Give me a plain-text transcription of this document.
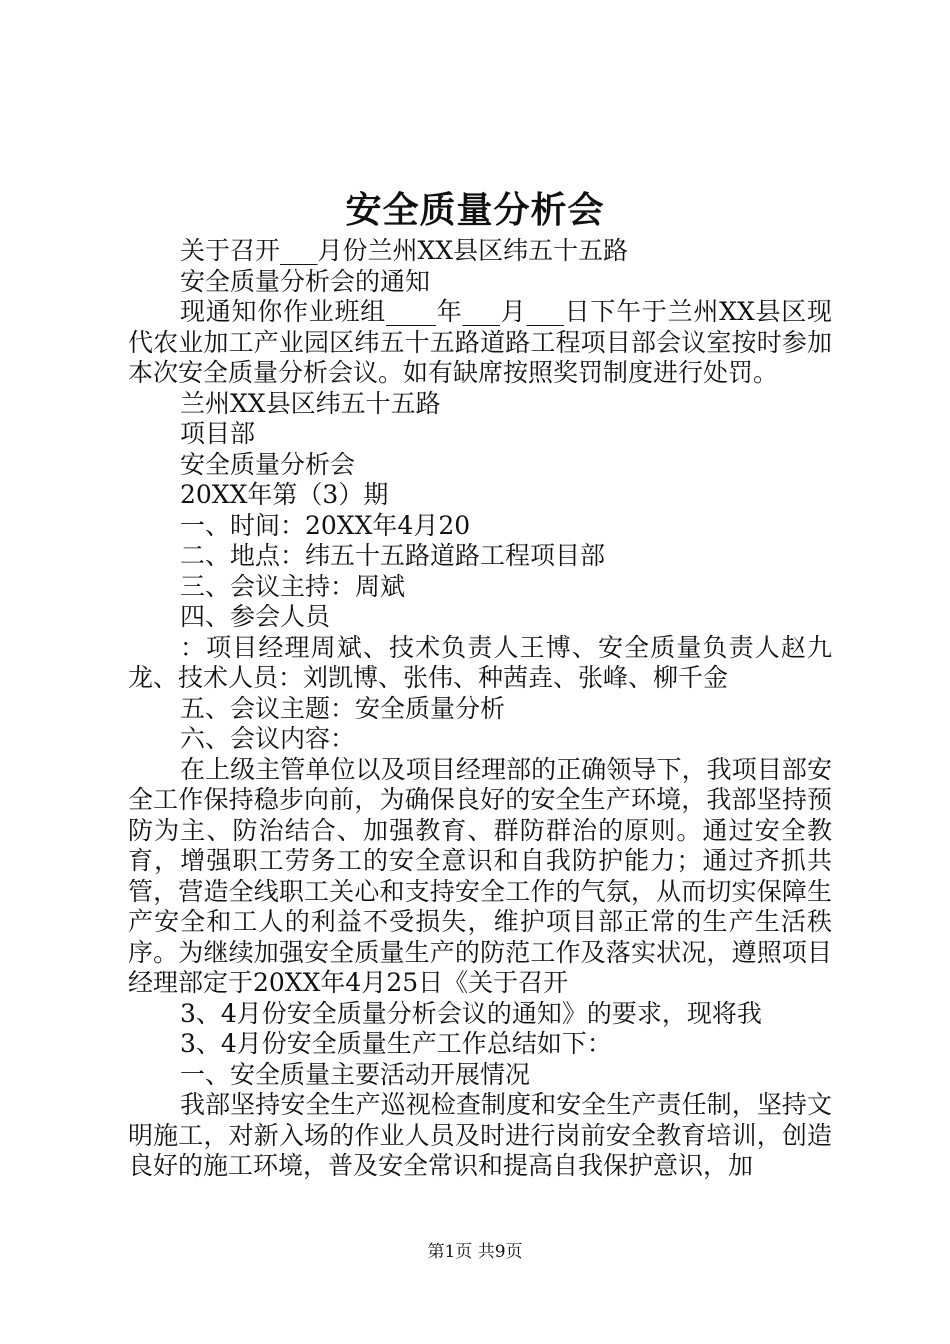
安全质量分析会

关于召开___月份兰州XX县区纬五十五路

安全质量分析会的通知

现通知你作业班组____年___月___日下午于兰州XX县区现代农业加工产业园区纬五十五路道路工程项目部会议室按时参加本次安全质量分析会议。如有缺席按照奖罚制度进行处罚。

兰州XX县区纬五十五路

项目部

安全质量分析会

20XX年第（3）期

一、时间：20XX年4月20

二、地点：纬五十五路道路工程项目部

三、会议主持：周斌

四、参会人员

：项目经理周斌、技术负责人王博、安全质量负责人赵九龙、技术人员：刘凯博、张伟、种茜垚、张峰、柳千金

五、会议主题：安全质量分析

六、会议内容：

在上级主管单位以及项目经理部的正确领导下，我项目部安全工作保持稳步向前，为确保良好的安全生产环境，我部坚持预防为主、防治结合、加强教育、群防群治的原则。通过安全教育，增强职工劳务工的安全意识和自我防护能力；通过齐抓共管，营造全线职工关心和支持安全工作的气氛，从而切实保障生产安全和工人的利益不受损失，维护项目部正常的生产生活秩序。为继续加强安全质量生产的防范工作及落实状况，遵照项目经理部定于20XX年4月25日《关于召开

3、4月份安全质量分析会议的通知》的要求，现将我

3、4月份安全质量生产工作总结如下：

一、安全质量主要活动开展情况

我部坚持安全生产巡视检查制度和安全生产责任制，坚持文明施工，对新入场的作业人员及时进行岗前安全教育培训，创造良好的施工环境，普及安全常识和提高自我保护意识，加

第1页 共9页
